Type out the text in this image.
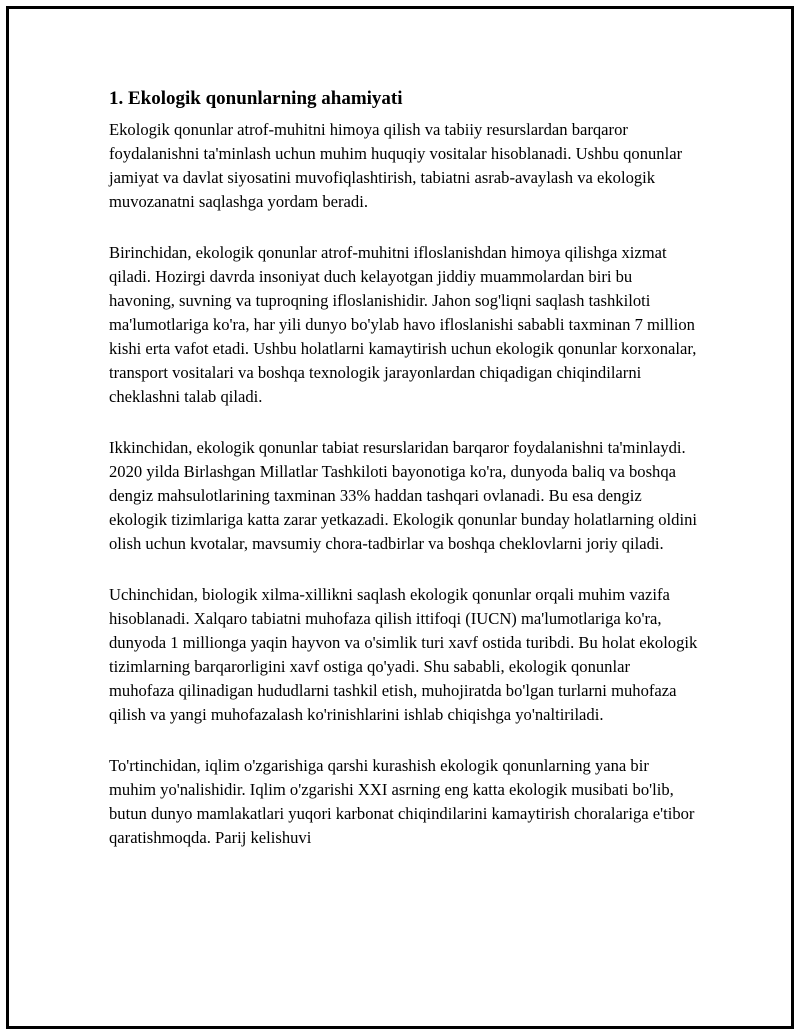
1. Ekologik qonunlarning ahamiyati

Ekologik qonunlar atrof-muhitni himoya qilish va tabiiy resurslardan barqaror foydalanishni ta'minlash uchun muhim huquqiy vositalar hisoblanadi. Ushbu qonunlar jamiyat va davlat siyosatini muvofiqlashtirish, tabiatni asrab-avaylash va ekologik muvozanatni saqlashga yordam beradi.

Birinchidan, ekologik qonunlar atrof-muhitni ifloslanishdan himoya qilishga xizmat qiladi. Hozirgi davrda insoniyat duch kelayotgan jiddiy muammolardan biri bu havoning, suvning va tuproqning ifloslanishidir. Jahon sog'liqni saqlash tashkiloti ma'lumotlariga ko'ra, har yili dunyo bo'ylab havo ifloslanishi sababli taxminan 7 million kishi erta vafot etadi. Ushbu holatlarni kamaytirish uchun ekologik qonunlar korxonalar, transport vositalari va boshqa texnologik jarayonlardan chiqadigan chiqindilarni cheklashni talab qiladi.

Ikkinchidan, ekologik qonunlar tabiat resurslaridan barqaror foydalanishni ta'minlaydi. 2020 yilda Birlashgan Millatlar Tashkiloti bayonotiga ko'ra, dunyoda baliq va boshqa dengiz mahsulotlarining taxminan 33% haddan tashqari ovlanadi. Bu esa dengiz ekologik tizimlariga katta zarar yetkazadi. Ekologik qonunlar bunday holatlarning oldini olish uchun kvotalar, mavsumiy chora-tadbirlar va boshqa cheklovlarni joriy qiladi.

Uchinchidan, biologik xilma-xillikni saqlash ekologik qonunlar orqali muhim vazifa hisoblanadi. Xalqaro tabiatni muhofaza qilish ittifoqi (IUCN) ma'lumotlariga ko'ra, dunyoda 1 millionga yaqin hayvon va o'simlik turi xavf ostida turibdi. Bu holat ekologik tizimlarning barqarorligini xavf ostiga qo'yadi. Shu sababli, ekologik qonunlar muhofaza qilinadigan hududlarni tashkil etish, muhojiratda bo'lgan turlarni muhofaza qilish va yangi muhofazalash ko'rinishlarini ishlab chiqishga yo'naltiriladi.

To'rtinchidan, iqlim o'zgarishiga qarshi kurashish ekologik qonunlarning yana bir muhim yo'nalishidir. Iqlim o'zgarishi XXI asrning eng katta ekologik musibati bo'lib, butun dunyo mamlakatlari yuqori karbonat chiqindilarini kamaytirish choralariga e'tibor qaratishmoqda. Parij kelishuvi
